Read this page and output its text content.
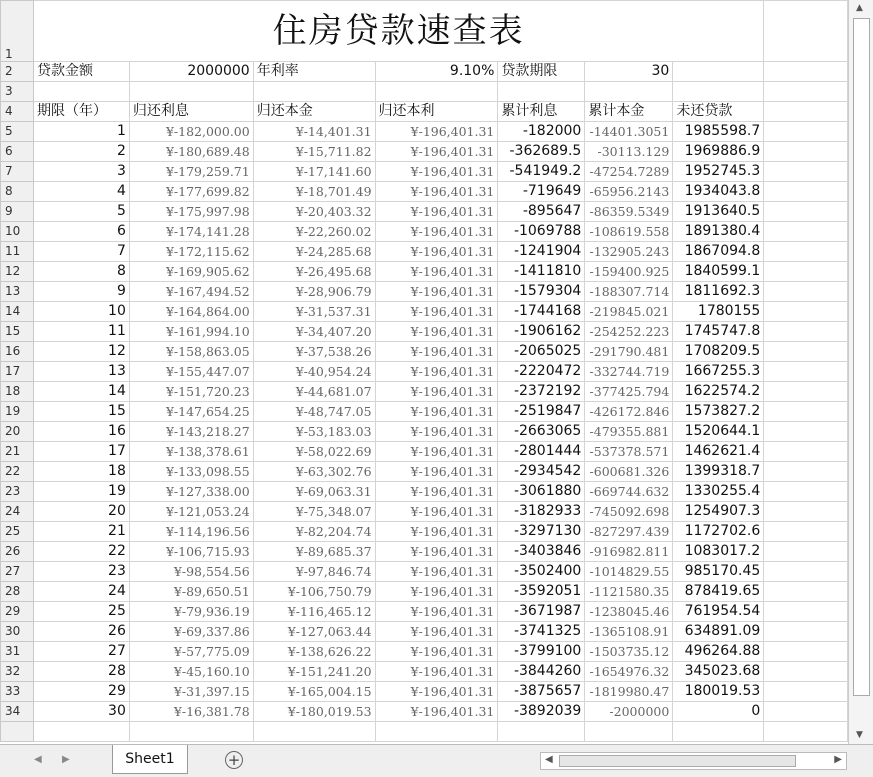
1	住房贷款速查表							
2	贷款金额	2000000	年利率	9.10%	贷款期限	30		
3								
4	期限（年）	归还利息	归还本金	归还本利	累计利息	累计本金	未还贷款	
5	1	¥-182,000.00	¥-14,401.31	¥-196,401.31	-182000	-14401.3051	1985598.7	
6	2	¥-180,689.48	¥-15,711.82	¥-196,401.31	-362689.5	-30113.129	1969886.9	
7	3	¥-179,259.71	¥-17,141.60	¥-196,401.31	-541949.2	-47254.7289	1952745.3	
8	4	¥-177,699.82	¥-18,701.49	¥-196,401.31	-719649	-65956.2143	1934043.8	
9	5	¥-175,997.98	¥-20,403.32	¥-196,401.31	-895647	-86359.5349	1913640.5	
10	6	¥-174,141.28	¥-22,260.02	¥-196,401.31	-1069788	-108619.558	1891380.4	
11	7	¥-172,115.62	¥-24,285.68	¥-196,401.31	-1241904	-132905.243	1867094.8	
12	8	¥-169,905.62	¥-26,495.68	¥-196,401.31	-1411810	-159400.925	1840599.1	
13	9	¥-167,494.52	¥-28,906.79	¥-196,401.31	-1579304	-188307.714	1811692.3	
14	10	¥-164,864.00	¥-31,537.31	¥-196,401.31	-1744168	-219845.021	1780155	
15	11	¥-161,994.10	¥-34,407.20	¥-196,401.31	-1906162	-254252.223	1745747.8	
16	12	¥-158,863.05	¥-37,538.26	¥-196,401.31	-2065025	-291790.481	1708209.5	
17	13	¥-155,447.07	¥-40,954.24	¥-196,401.31	-2220472	-332744.719	1667255.3	
18	14	¥-151,720.23	¥-44,681.07	¥-196,401.31	-2372192	-377425.794	1622574.2	
19	15	¥-147,654.25	¥-48,747.05	¥-196,401.31	-2519847	-426172.846	1573827.2	
20	16	¥-143,218.27	¥-53,183.03	¥-196,401.31	-2663065	-479355.881	1520644.1	
21	17	¥-138,378.61	¥-58,022.69	¥-196,401.31	-2801444	-537378.571	1462621.4	
22	18	¥-133,098.55	¥-63,302.76	¥-196,401.31	-2934542	-600681.326	1399318.7	
23	19	¥-127,338.00	¥-69,063.31	¥-196,401.31	-3061880	-669744.632	1330255.4	
24	20	¥-121,053.24	¥-75,348.07	¥-196,401.31	-3182933	-745092.698	1254907.3	
25	21	¥-114,196.56	¥-82,204.74	¥-196,401.31	-3297130	-827297.439	1172702.6	
26	22	¥-106,715.93	¥-89,685.37	¥-196,401.31	-3403846	-916982.811	1083017.2	
27	23	¥-98,554.56	¥-97,846.74	¥-196,401.31	-3502400	-1014829.55	985170.45	
28	24	¥-89,650.51	¥-106,750.79	¥-196,401.31	-3592051	-1121580.35	878419.65	
29	25	¥-79,936.19	¥-116,465.12	¥-196,401.31	-3671987	-1238045.46	761954.54	
30	26	¥-69,337.86	¥-127,063.44	¥-196,401.31	-3741325	-1365108.91	634891.09	
31	27	¥-57,775.09	¥-138,626.22	¥-196,401.31	-3799100	-1503735.12	496264.88	
32	28	¥-45,160.10	¥-151,241.20	¥-196,401.31	-3844260	-1654976.32	345023.68	
33	29	¥-31,397.15	¥-165,004.15	¥-196,401.31	-3875657	-1819980.47	180019.53	
34	30	¥-16,381.78	¥-180,019.53	¥-196,401.31	-3892039	-2000000	0	

▲
▼
◀ ▶	Sheet1	+	◀	▶
